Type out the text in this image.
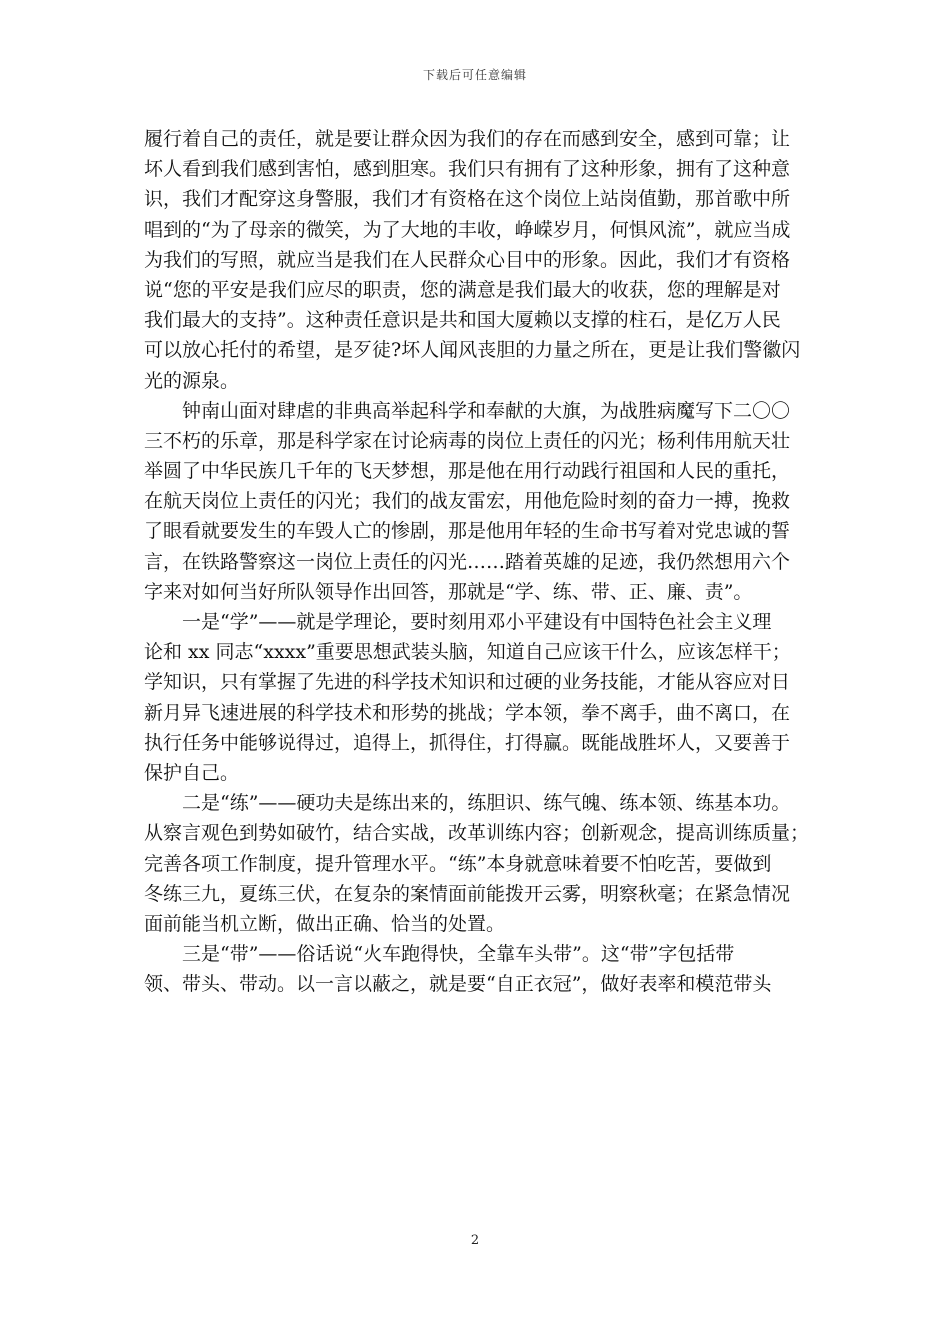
下载后可任意编辑

履行着自己的责任，就是要让群众因为我们的存在而感到安全，感到可靠；让
坏人看到我们感到害怕，感到胆寒。我们只有拥有了这种形象，拥有了这种意
识，我们才配穿这身警服，我们才有资格在这个岗位上站岗值勤，那首歌中所
唱到的“为了母亲的微笑，为了大地的丰收，峥嵘岁月，何惧风流”，就应当成
为我们的写照，就应当是我们在人民群众心目中的形象。因此，我们才有资格
说“您的平安是我们应尽的职责，您的满意是我们最大的收获，您的理解是对
我们最大的支持”。这种责任意识是共和国大厦赖以支撑的柱石，是亿万人民
可以放心托付的希望，是歹徒?坏人闻风丧胆的力量之所在，更是让我们警徽闪
光的源泉。

钟南山面对肆虐的非典高举起科学和奉献的大旗，为战胜病魔写下二〇〇
三不朽的乐章，那是科学家在讨论病毒的岗位上责任的闪光；杨利伟用航天壮
举圆了中华民族几千年的飞天梦想，那是他在用行动践行祖国和人民的重托，
在航天岗位上责任的闪光；我们的战友雷宏，用他危险时刻的奋力一搏，挽救
了眼看就要发生的车毁人亡的惨剧，那是他用年轻的生命书写着对党忠诚的誓
言，在铁路警察这一岗位上责任的闪光……踏着英雄的足迹，我仍然想用六个
字来对如何当好所队领导作出回答，那就是“学、练、带、正、廉、责”。

一是“学”——就是学理论，要时刻用邓小平建设有中国特色社会主义理
论和 xx 同志“xxxx”重要思想武装头脑，知道自己应该干什么，应该怎样干；
学知识，只有掌握了先进的科学技术知识和过硬的业务技能，才能从容应对日
新月异飞速进展的科学技术和形势的挑战；学本领，拳不离手，曲不离口，在
执行任务中能够说得过，追得上，抓得住，打得赢。既能战胜坏人，又要善于
保护自己。

二是“练”——硬功夫是练出来的，练胆识、练气魄、练本领、练基本功。
从察言观色到势如破竹，结合实战，改革训练内容；创新观念，提高训练质量；
完善各项工作制度，提升管理水平。“练”本身就意味着要不怕吃苦，要做到
冬练三九，夏练三伏，在复杂的案情面前能拨开云雾，明察秋毫；在紧急情况
面前能当机立断，做出正确、恰当的处置。

三是“带”——俗话说“火车跑得快，全靠车头带”。这“带”字包括带
领、带头、带动。以一言以蔽之，就是要“自正衣冠”，做好表率和模范带头

2
